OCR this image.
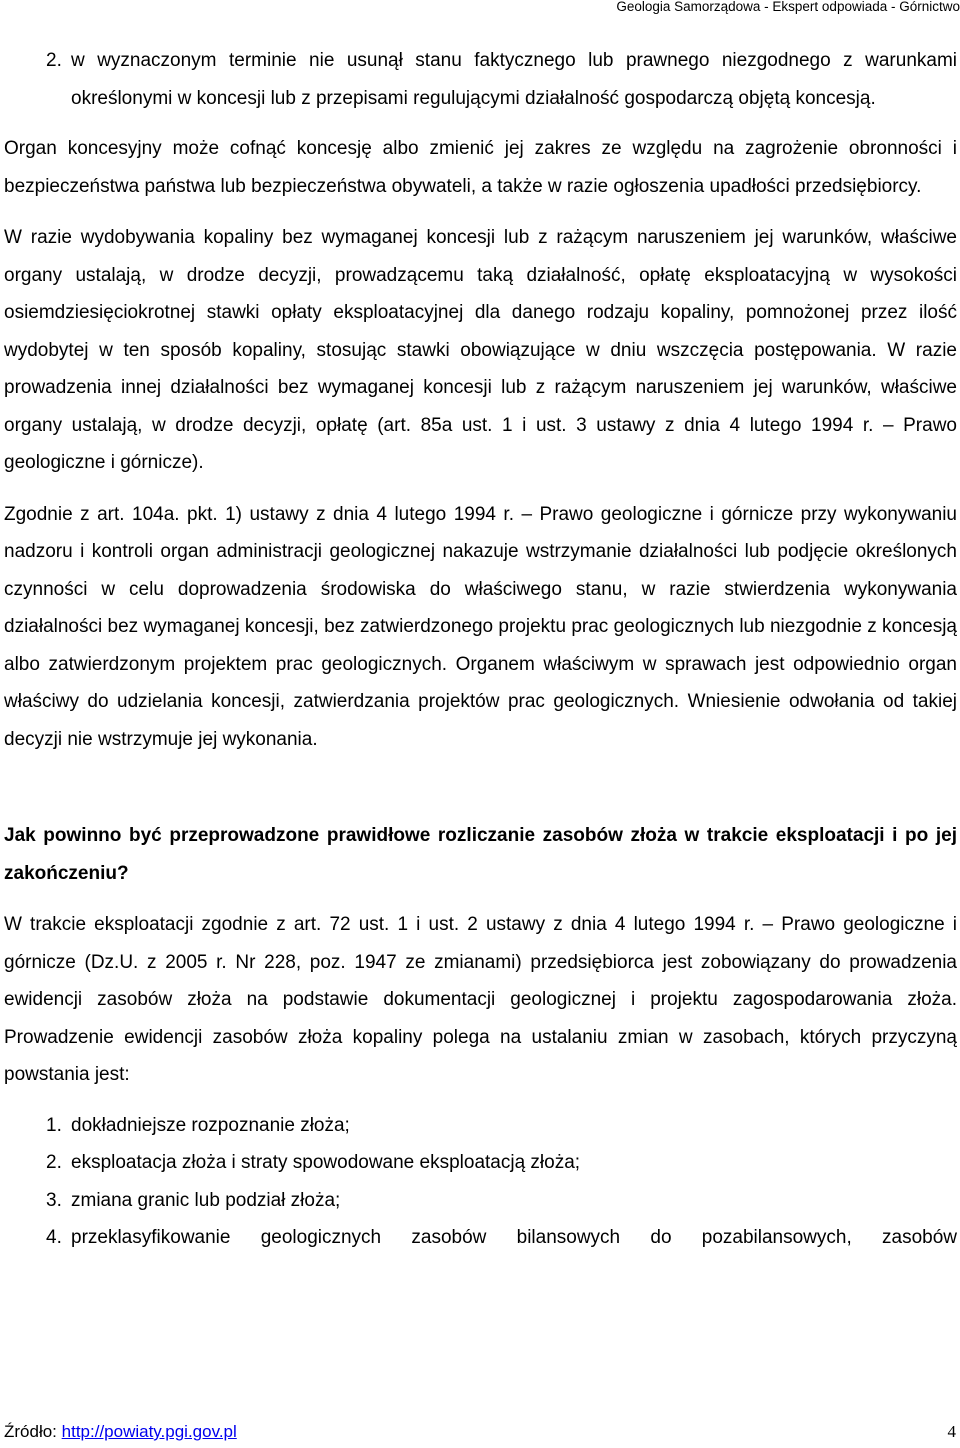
Geologia Samorządowa - Ekspert odpowiada - Górnictwo
2. w wyznaczonym terminie nie usunął stanu faktycznego lub prawnego niezgodnego z warunkami określonymi w koncesji lub z przepisami regulującymi działalność gospodarczą objętą koncesją.

Organ koncesyjny może cofnąć koncesję albo zmienić jej zakres ze względu na zagrożenie obronności i bezpieczeństwa państwa lub bezpieczeństwa obywateli, a także w razie ogłoszenia upadłości przedsiębiorcy.

W razie wydobywania kopaliny bez wymaganej koncesji lub z rażącym naruszeniem jej warunków, właściwe organy ustalają, w drodze decyzji, prowadzącemu taką działalność, opłatę eksploatacyjną w wysokości osiemdziesięciokrotnej stawki opłaty eksploatacyjnej dla danego rodzaju kopaliny, pomnożonej przez ilość wydobytej w ten sposób kopaliny, stosując stawki obowiązujące w dniu wszczęcia postępowania. W razie prowadzenia innej działalności bez wymaganej koncesji lub z rażącym naruszeniem jej warunków, właściwe organy ustalają, w drodze decyzji, opłatę (art. 85a ust. 1 i ust. 3 ustawy z dnia 4 lutego 1994 r. – Prawo geologiczne i górnicze).

Zgodnie z art. 104a. pkt. 1) ustawy z dnia 4 lutego 1994 r. – Prawo geologiczne i górnicze przy wykonywaniu nadzoru i kontroli organ administracji geologicznej nakazuje wstrzymanie działalności lub podjęcie określonych czynności w celu doprowadzenia środowiska do właściwego stanu, w razie stwierdzenia wykonywania działalności bez wymaganej koncesji, bez zatwierdzonego projektu prac geologicznych lub niezgodnie z koncesją albo zatwierdzonym projektem prac geologicznych. Organem właściwym w sprawach jest odpowiednio organ właściwy do udzielania koncesji, zatwierdzania projektów prac geologicznych. Wniesienie odwołania od takiej decyzji nie wstrzymuje jej wykonania.

Jak powinno być przeprowadzone prawidłowe rozliczanie zasobów złoża w trakcie eksploatacji i po jej zakończeniu?

W trakcie eksploatacji zgodnie z art. 72 ust. 1 i ust. 2 ustawy z dnia 4 lutego 1994 r. – Prawo geologiczne i górnicze (Dz.U. z 2005 r. Nr 228, poz. 1947 ze zmianami) przedsiębiorca jest zobowiązany do prowadzenia ewidencji zasobów złoża na podstawie dokumentacji geologicznej i projektu zagospodarowania złoża. Prowadzenie ewidencji zasobów złoża kopaliny polega na ustalaniu zmian w zasobach, których przyczyną powstania jest:

1. dokładniejsze rozpoznanie złoża;
2. eksploatacja złoża i straty spowodowane eksploatacją złoża;
3. zmiana granic lub podział złoża;
4. przeklasyfikowanie geologicznych zasobów bilansowych do pozabilansowych, zasobów
Źródło: http://powiaty.pgi.gov.pl	4
